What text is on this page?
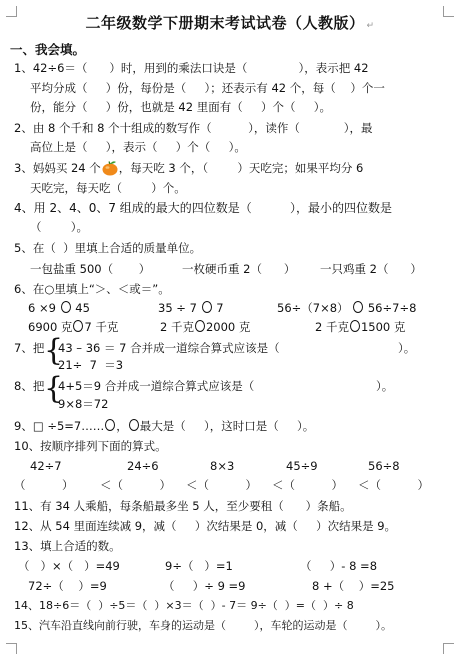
二年级数学下册期末考试试卷（人教版） ↵
一、我会填。
1、42÷6＝（      ）时，用到的乘法口诀是（              ），表示把 42
平均分成（     ）份，每份是（     ）；还表示有 42 个，每（    ）个一
份，能分（     ）份，也就是 42 里面有（     ）个（     ）。
2、由 8 个千和 8 个十组成的数写作（          ），读作（            ），最
高位上是（     ），表示（     ）个（     ）。
3、妈妈买 24 个 ，每天吃 3 个，（        ）天吃完；如果平均分 6
天吃完，每天吃（        ）个。
4、用 2、4、0、7 组成的最大的四位数是（          ），最小的四位数是
（        ）。
5、在（  ）里填上合适的质量单位。
一包盐重 500（       ）	一枚硬币重 2（      ） 一只鸡重 2（      ）
6、在○里填上“＞、＜或＝”。
6 ×9 45	35 ÷ 7 7	56÷（7×8） 56÷7÷8
6900 克 7 千克	2 千克 2000 克	2 千克 1500 克
7、把 {
43 – 36 ＝ 7 合并成一道综合算式应该是（	）。
21÷  7  ＝3
8、把 {
4+5＝9 合并成一道综合算式应该是（	）。
9×8＝72
9、□ ÷5=7…… ， 最大是（     ），这时口是（     ）。
10、按顺序排列下面的算式。
42÷7	24÷6	8×3	45÷9	56÷8
（          ） ＜（          ） ＜（          ） ＜（          ） ＜（          ）
11、有 34 人乘船，每条船最多坐 5 人，至少要租（      ）条船。
12、从 54 里面连续减 9，减（     ）次结果是 0，减（     ）次结果是 9。
13、填上合适的数。
（   ）×（   ）=49	9÷（   ）=1	（     ）- 8 =8
72÷（    ）=9	（     ）÷ 9 =9	8 +（    ）=25
14、18÷6＝（  ）÷5＝（  ）×3＝（  ）- 7＝ 9÷（  ）=（  ）÷ 8
15、汽车沿直线向前行驶，车身的运动是（        ），车轮的运动是（        ）。
